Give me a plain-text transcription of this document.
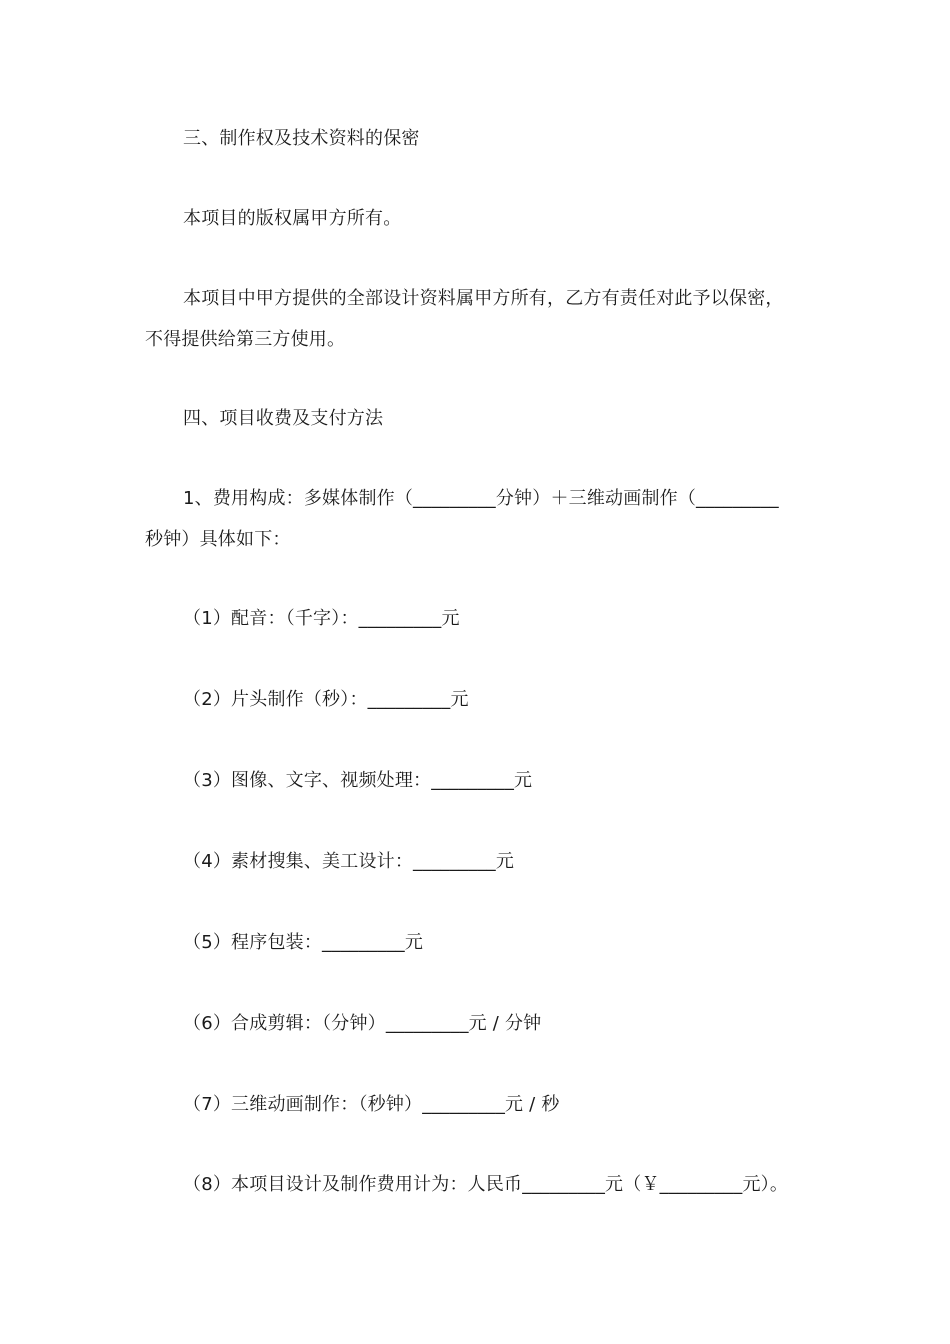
三、制作权及技术资料的保密
本项目的版权属甲方所有。
本项目中甲方提供的全部设计资料属甲方所有，乙方有责任对此予以保密，
不得提供给第三方使用。
四、项目收费及支付方法
1、费用构成：多媒体制作（_________分钟）＋三维动画制作（_________
秒钟）具体如下：
（1）配音：（千字）：_________元
（2）片头制作（秒）：_________元
（3）图像、文字、视频处理：_________元
（4）素材搜集、美工设计：_________元
（5）程序包装：_________元
（6）合成剪辑：（分钟）_________元 / 分钟
（7）三维动画制作：（秒钟）_________元 / 秒
（8）本项目设计及制作费用计为：人民币_________元（￥_________元）。
